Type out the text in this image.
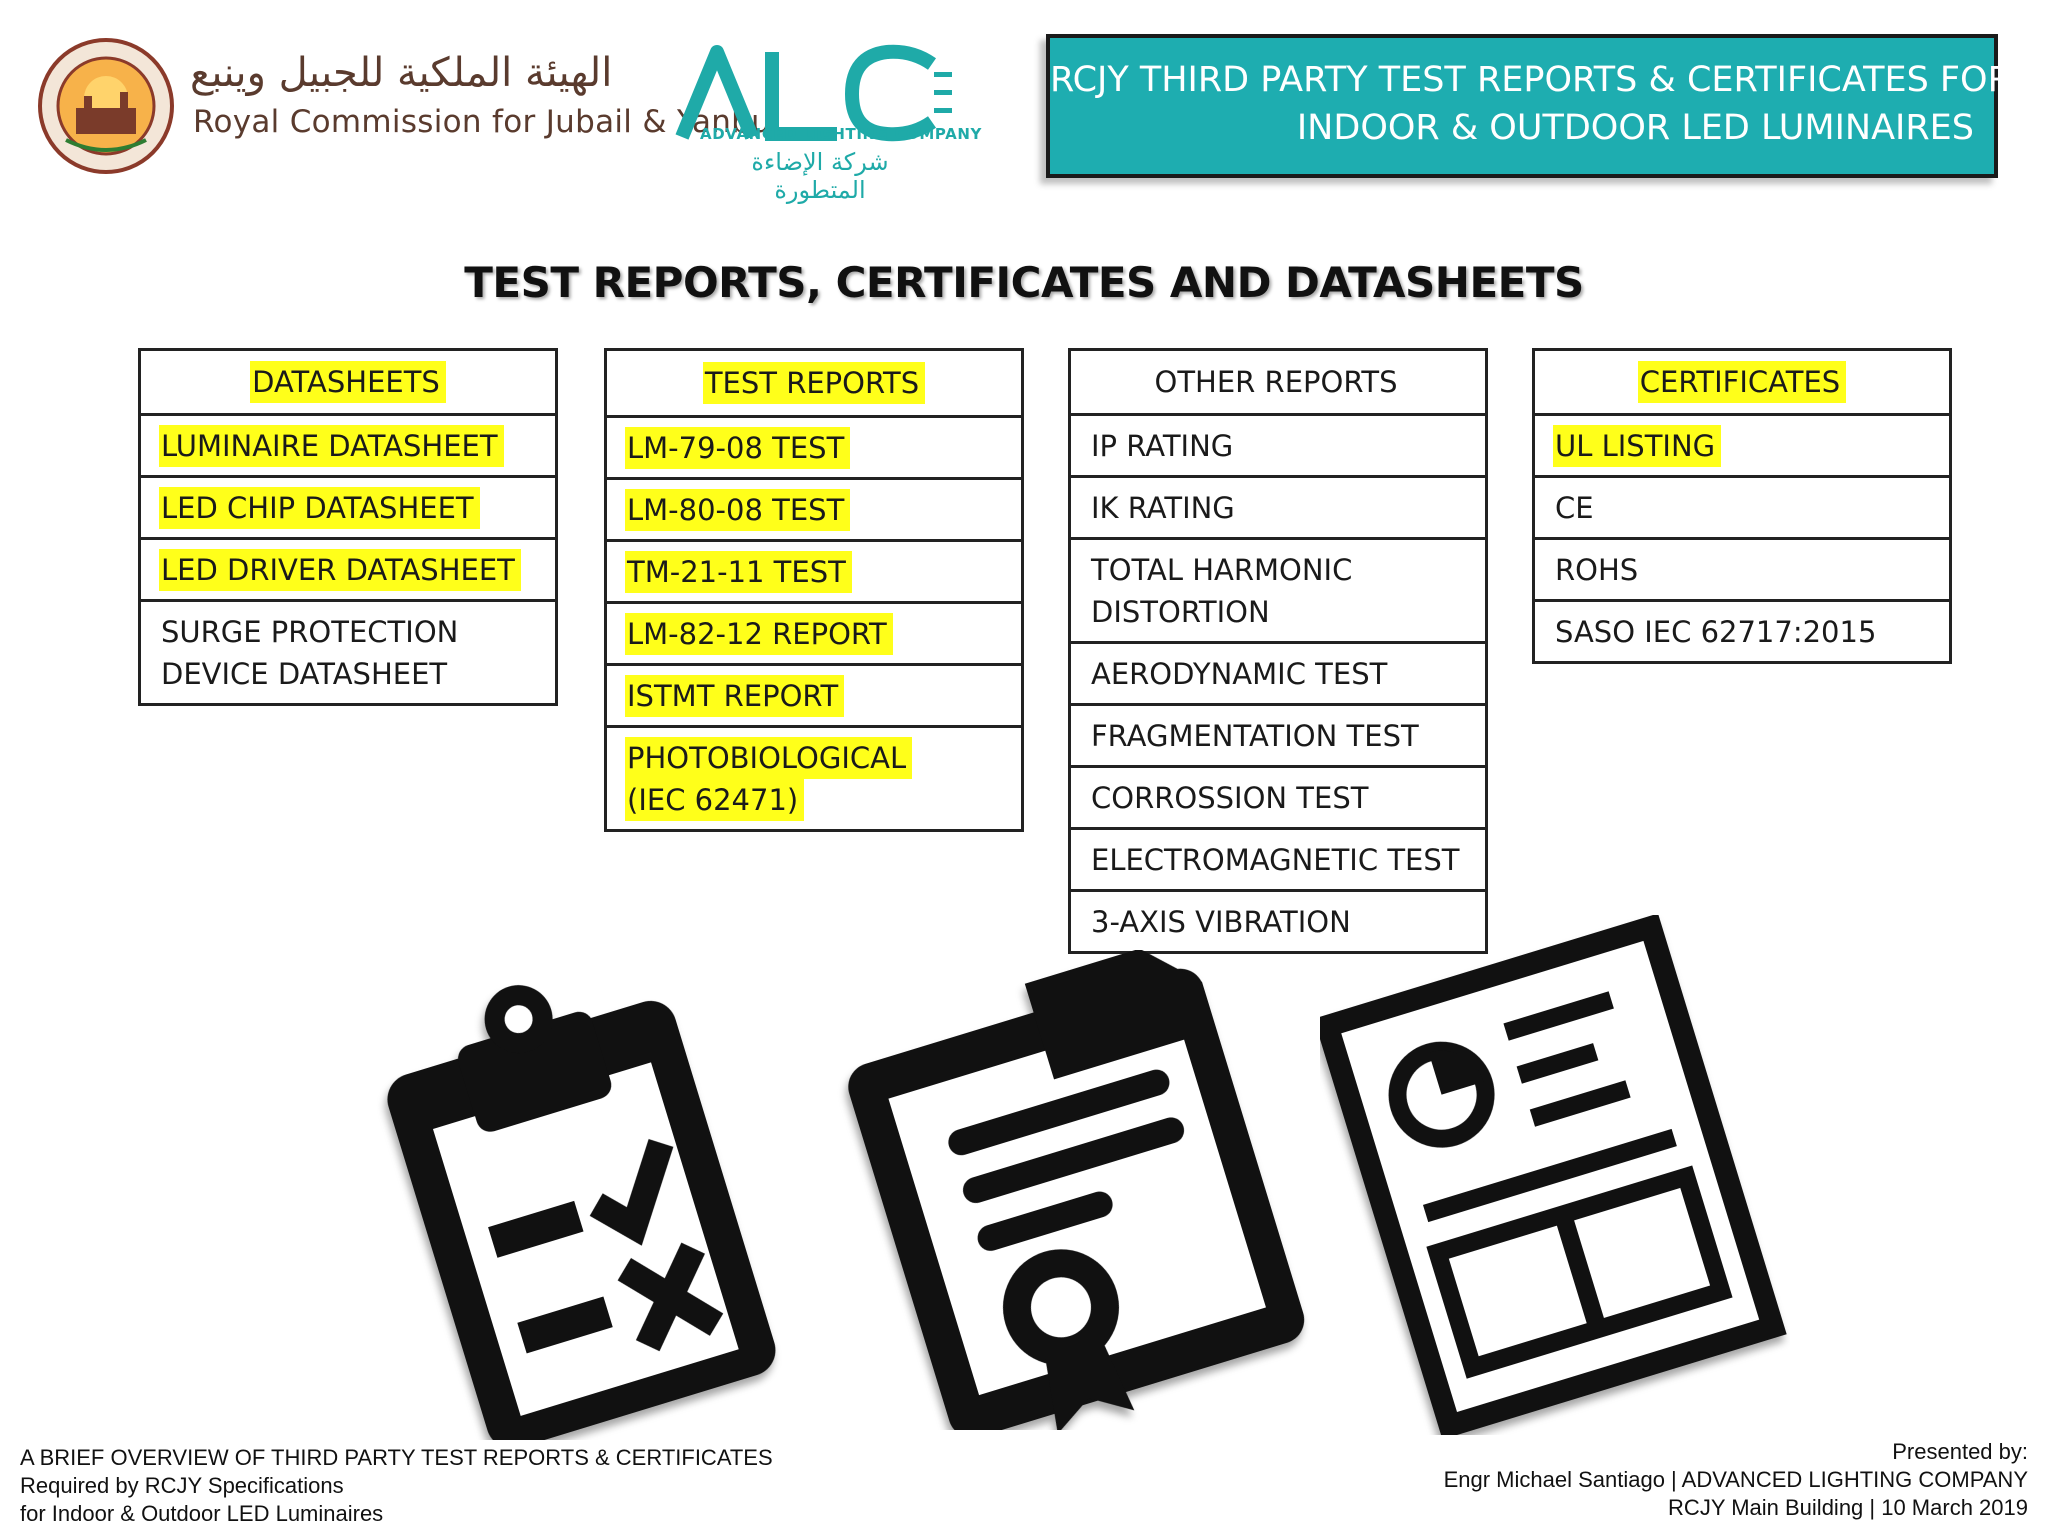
الهيئة الملكية للجبيل وينبع
Royal Commission for Jubail & Yanbu
ADVANCED LIGHTING COMPANY
شركة الإضاءة المتطورة
RCJY THIRD PARTY TEST REPORTS & CERTIFICATES FOR
INDOOR & OUTDOOR LED LUMINAIRES
TEST REPORTS, CERTIFICATES AND DATASHEETS
DATASHEETS
LUMINAIRE DATASHEET
LED CHIP DATASHEET
LED DRIVER DATASHEET
SURGE PROTECTION
DEVICE DATASHEET
TEST REPORTS
LM-79-08 TEST
LM-80-08 TEST
TM-21-11 TEST
LM-82-12 REPORT
ISTMT REPORT
PHOTOBIOLOGICAL
(IEC 62471)
OTHER REPORTS
IP RATING
IK RATING
TOTAL HARMONIC
DISTORTION
AERODYNAMIC TEST
FRAGMENTATION TEST
CORROSSION TEST
ELECTROMAGNETIC TEST
3-AXIS VIBRATION
CERTIFICATES
UL LISTING
CE
ROHS
SASO IEC 62717:2015
A BRIEF OVERVIEW OF THIRD PARTY TEST REPORTS & CERTIFICATES
Required by RCJY Specifications
for Indoor & Outdoor LED Luminaires
Presented by:
Engr Michael Santiago | ADVANCED LIGHTING COMPANY
RCJY Main Building | 10 March 2019
